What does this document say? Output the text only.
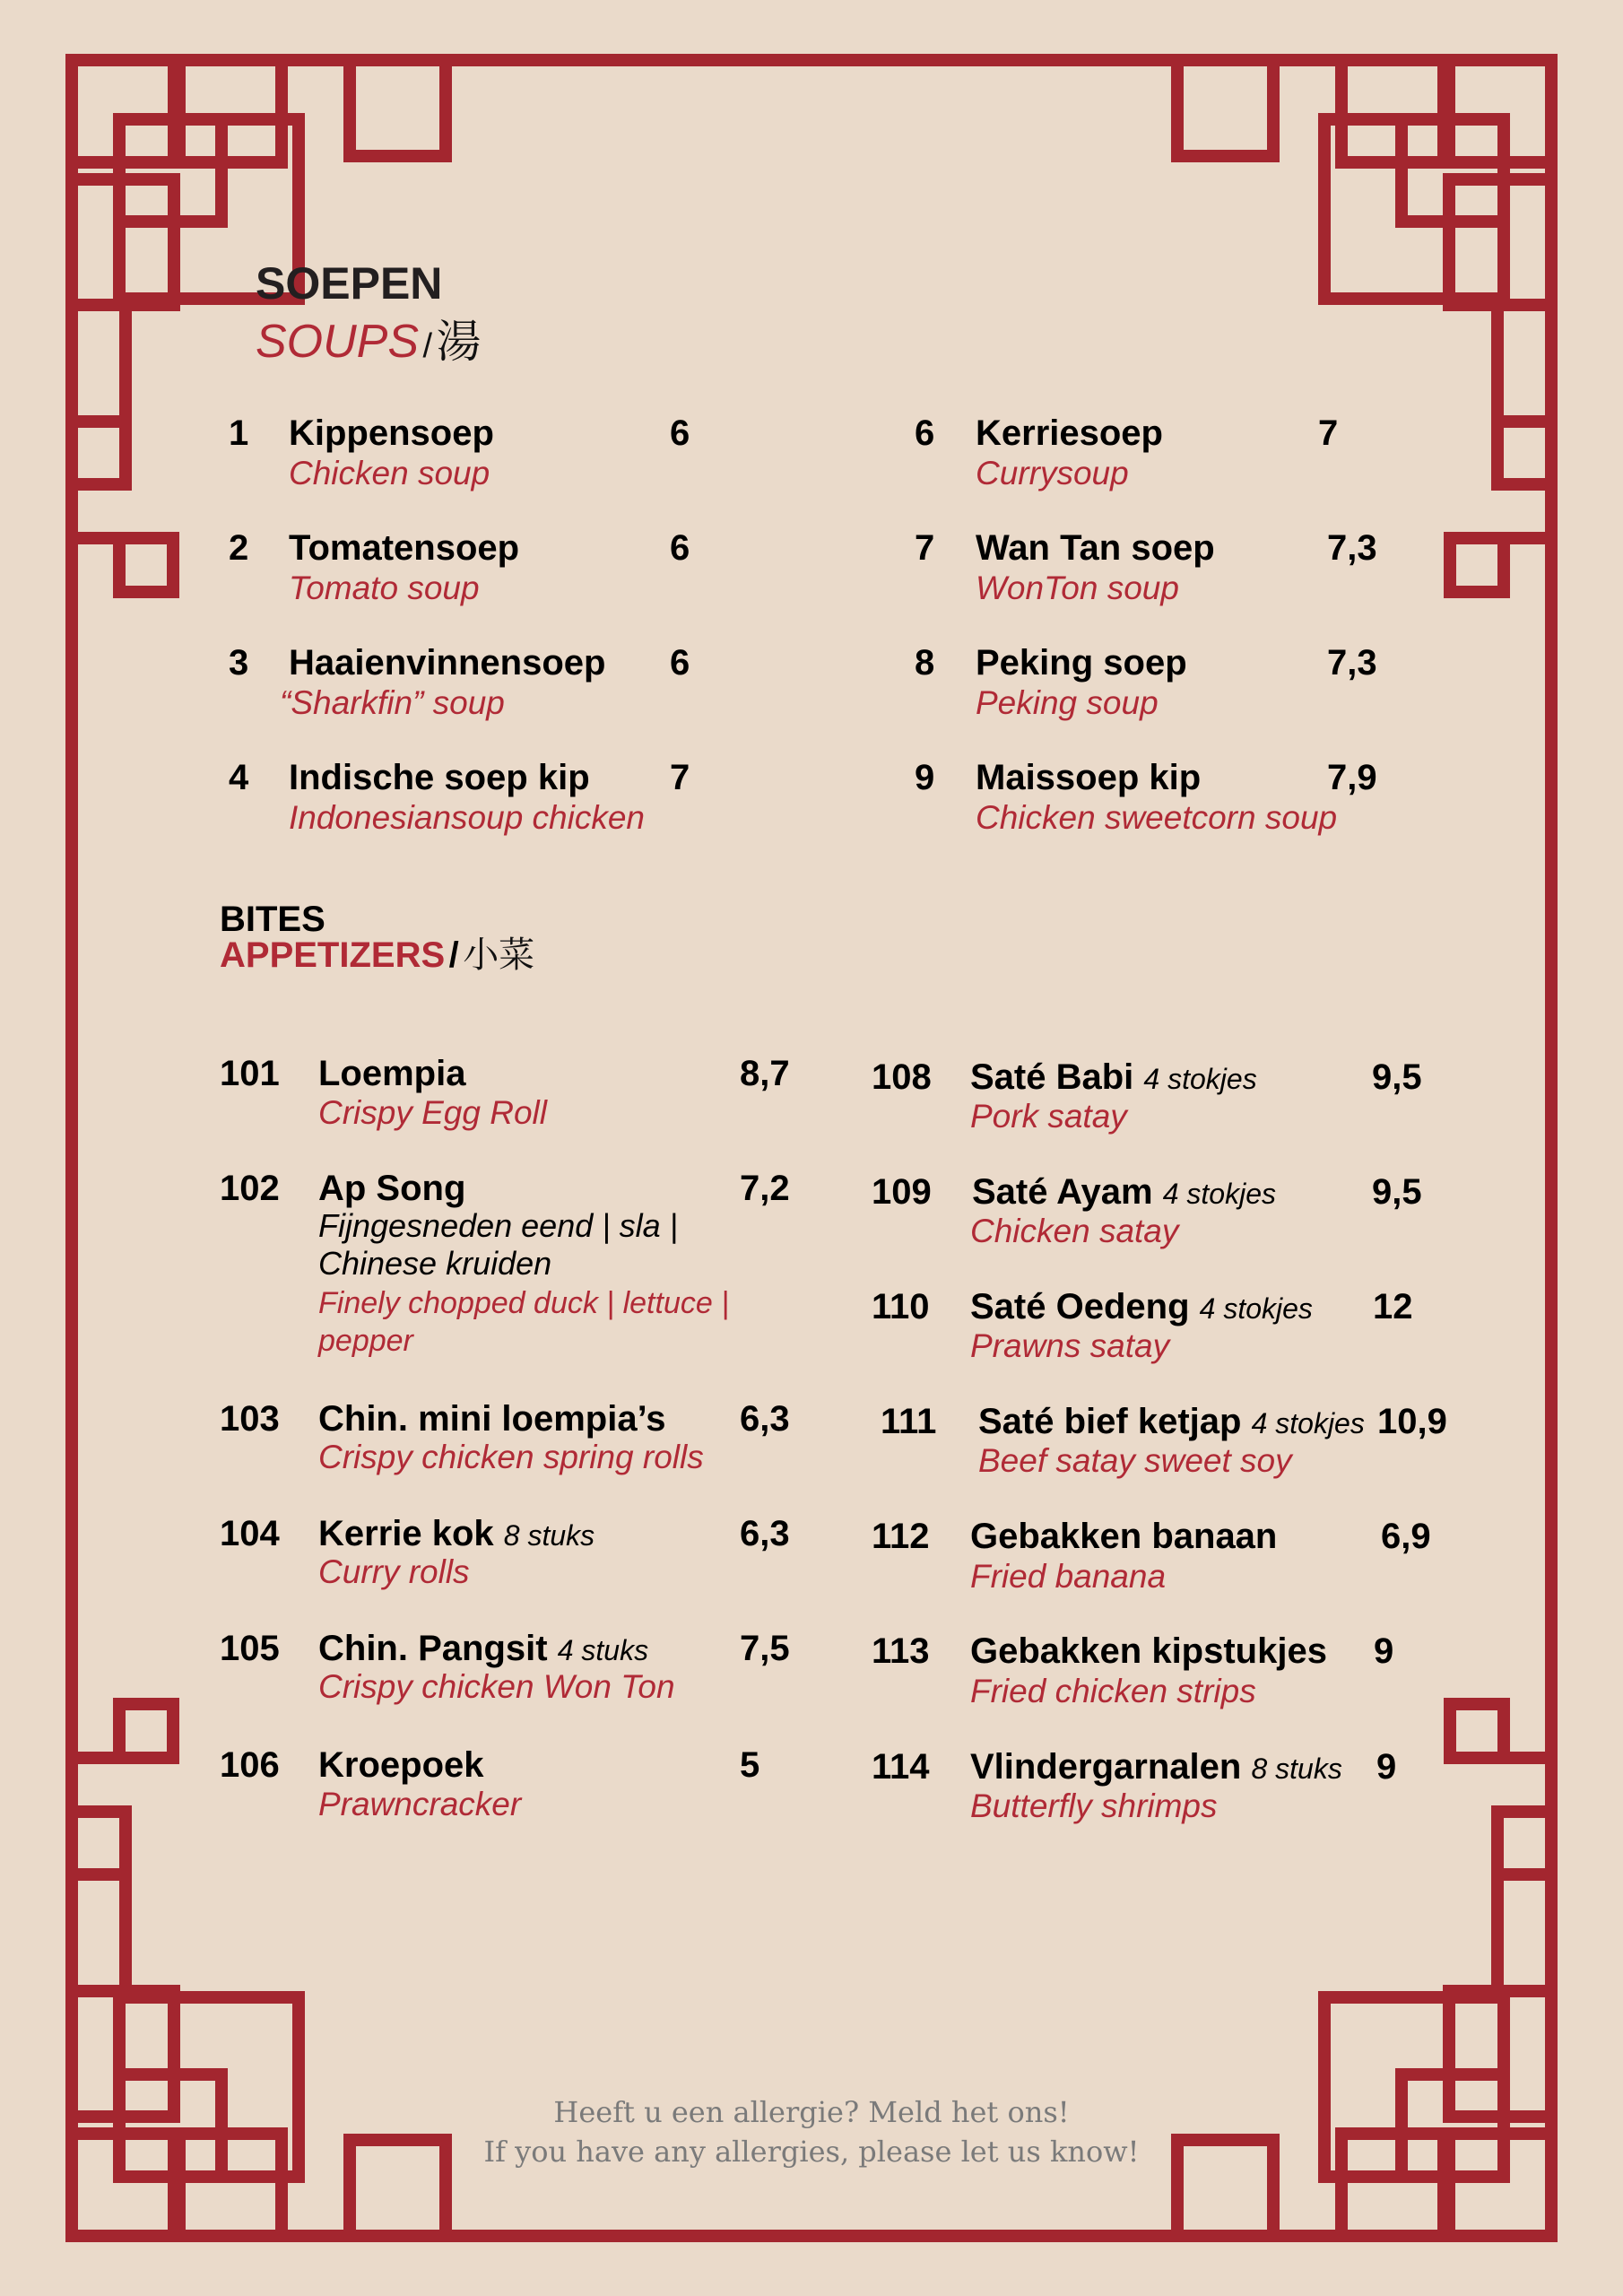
SOEPEN
SOUPS / 湯
1 Kippensoep	6
Chicken soup
2 Tomatensoep	6
Tomato soup
3 Haaienvinnensoep 6
“Sharkfin” soup
4 Indische soep kip 7
Indonesiansoup chicken
6 Kerriesoep	7
Currysoup
7 Wan Tan soep	7,3
WonTon soup
8 Peking soep	7,3
Peking soup
9 Maissoep kip	7,9
Chicken sweetcorn soup
BITES
APPETIZERS / 小菜
101 Loempia	8,7
Crispy Egg Roll
102 Ap Song	7,2
Fijngesneden eend | sla | Chinese kruiden
Finely chopped duck | lettuce |
pepper
103 Chin. mini loempia’s 6,3
Crispy chicken spring rolls
104 Kerrie kok 8 stuks	6,3
Curry rolls
105 Chin. Pangsit 4 stuks	7,5
Crispy chicken Won Ton
106 Kroepoek	5
Prawncracker
108 Saté Babi 4 stokjes	9,5
Pork satay
109 Saté Ayam 4 stokjes	9,5
Chicken satay
110 Saté Oedeng 4 stokjes 12
Prawns satay
111 Saté bief ketjap 4 stokjes 10,9
Beef satay sweet soy
112 Gebakken banaan	6,9
Fried banana
113 Gebakken kipstukjes 9
Fried chicken strips
114 Vlindergarnalen 8 stuks 9
Butterfly shrimps
Heeft u een allergie? Meld het ons!
If you have any allergies, please let us know!
